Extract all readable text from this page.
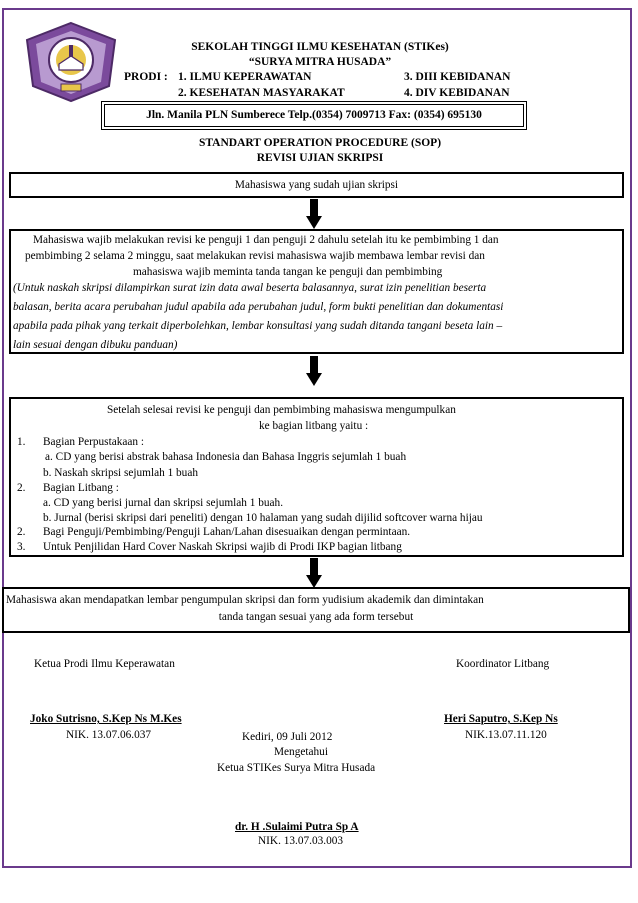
SEKOLAH TINGGI ILMU KESEHATAN (STIKes)
“SURYA MITRA HUSADA”
PRODI : 1. ILMU KEPERAWATAN
2. KESEHATAN MASYARAKAT
3. DIII KEBIDANAN
4. DIV KEBIDANAN
Jln. Manila PLN Sumberece Telp.(0354) 7009713 Fax: (0354) 695130
STANDART OPERATION PROCEDURE (SOP)
REVISI UJIAN SKRIPSI
Mahasiswa yang sudah ujian skripsi
Mahasiswa wajib melakukan revisi ke penguji 1 dan penguji 2 dahulu setelah itu ke pembimbing 1 dan
pembimbing 2 selama 2 minggu, saat melakukan revisi mahasiswa wajib membawa lembar revisi dan
mahasiswa wajib meminta tanda tangan ke penguji dan pembimbing
(Untuk naskah skripsi dilampirkan surat izin data awal beserta balasannya, surat izin penelitian beserta
balasan, berita acara perubahan judul apabila ada perubahan judul, form bukti penelitian dan dokumentasi
apabila pada pihak yang terkait diperbolehkan, lembar konsultasi yang sudah ditanda tangani beseta lain –
lain sesuai dengan dibuku panduan)
Setelah selesai revisi ke penguji dan pembimbing mahasiswa mengumpulkan
ke bagian litbang yaitu :
1. Bagian Perpustakaan :
a. CD yang berisi abstrak bahasa Indonesia dan Bahasa Inggris sejumlah 1 buah
b. Naskah skripsi sejumlah 1 buah
2. Bagian Litbang :
a. CD yang berisi jurnal dan skripsi sejumlah 1 buah.
b. Jurnal (berisi skripsi dari peneliti) dengan 10 halaman yang sudah dijilid softcover warna hijau
2. Bagi Penguji/Pembimbing/Penguji Lahan/Lahan disesuaikan dengan permintaan.
3. Untuk Penjilidan Hard Cover Naskah Skripsi wajib di Prodi IKP bagian litbang
Mahasiswa akan mendapatkan lembar pengumpulan skripsi dan form yudisium akademik dan dimintakan
tanda tangan sesuai yang ada form tersebut
Ketua Prodi Ilmu Keperawatan	Koordinator Litbang
Joko Sutrisno, S.Kep Ns M.Kes
NIK. 13.07.06.037
Heri Saputro, S.Kep Ns
NIK.13.07.11.120
Kediri, 09 Juli 2012
Mengetahui
Ketua STIKes Surya Mitra Husada
dr. H .Sulaimi Putra Sp A
NIK. 13.07.03.003
